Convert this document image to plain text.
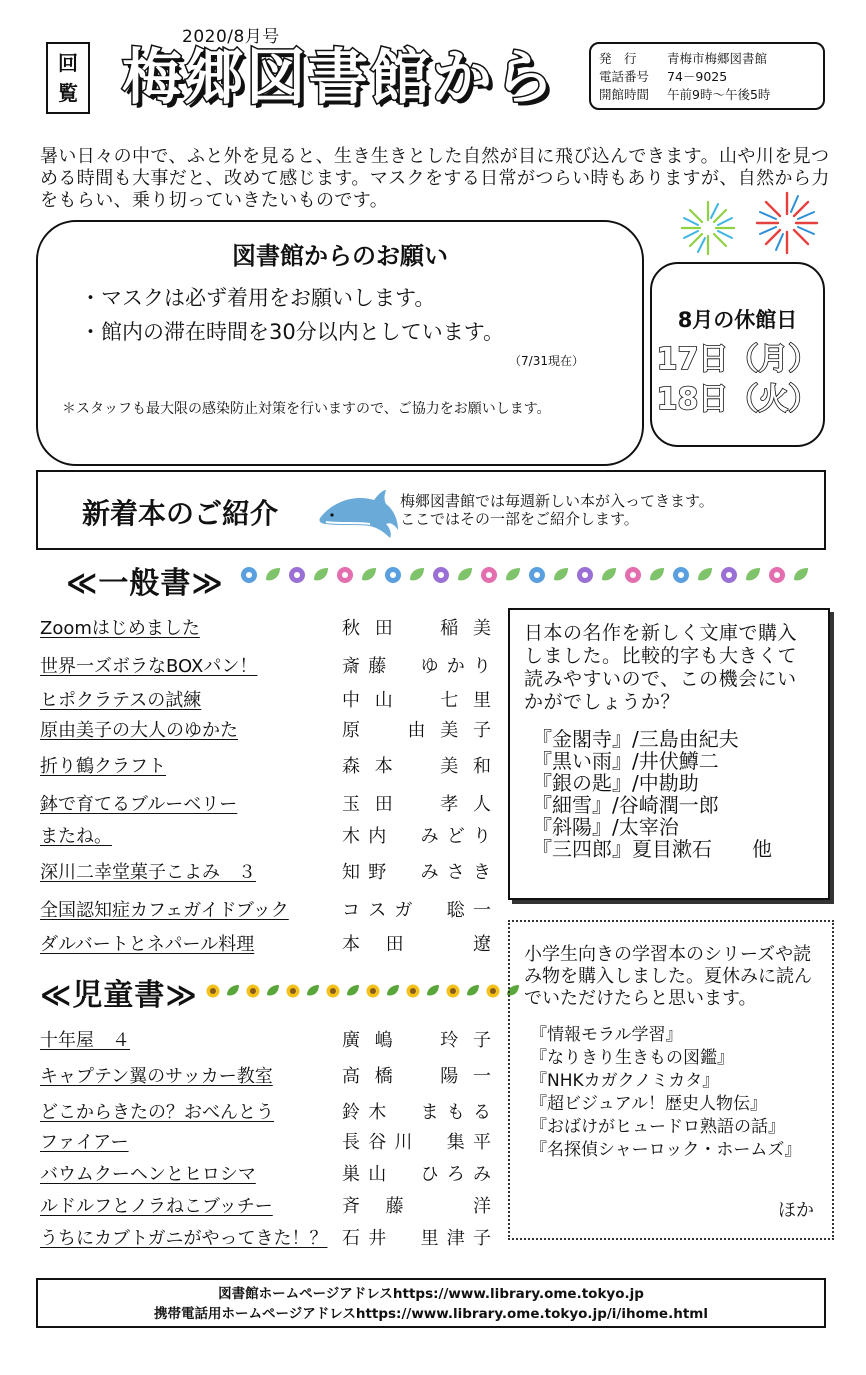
2020/8月号
回
覧 梅郷図書館から	発　行	青梅市梅郷図書館
電話番号	74－9025
開館時間	午前9時～午後5時
暑い日々の中で、ふと外を見ると、生き生きとした自然が目に飛び込んできます。山や川を見つめる時間も大事だと、改めて感じます。マスクをする日常がつらい時もありますが、自然から力をもらい、乗り切っていきたいものです。
図書館からのお願い
・マスクは必ず着用をお願いします。
・館内の滞在時間を30分以内としています。
（7/31現在）
＊スタッフも最大限の感染防止対策を行いますので、ご協力をお願いします。
8月の休館日
17日（月）
18日（火）
新着本のご紹介	梅郷図書館では毎週新しい本が入ってきます。
ここではその一部をご紹介します。
≪一般書≫
Zoomはじめました	秋田　稲美
世界一ズボラなBOXパン！	斎藤　ゆかり
ヒポクラテスの試練	中山　七里
原由美子の大人のゆかた	原　由美子
折り鶴クラフト	森本　美和
鉢で育てるブルーベリー	玉田　孝人
またね。	木内　みどり
深川二幸堂菓子こよみ　３	知野　みさき
全国認知症カフェガイドブック	コスガ　聡一
ダルバートとネパール料理	本田　遼
≪児童書≫
十年屋　４	廣嶋　玲子
キャプテン翼のサッカー教室	高橋　陽一
どこからきたの？おべんとう	鈴木　まもる
ファイアー	長谷川　集平
バウムクーヘンとヒロシマ	巣山　ひろみ
ルドルフとノラねこブッチー	斉藤　洋
うちにカブトガニがやってきた！？ 石井　里津子
日本の名作を新しく文庫で購入しました。比較的字も大きくて読みやすいので、この機会にいかがでしょうか？
『金閣寺』/三島由紀夫
『黒い雨』/井伏鱒二
『銀の匙』/中勘助
『細雪』/谷崎潤一郎
『斜陽』/太宰治
『三四郎』夏目漱石　　他
小学生向きの学習本のシリーズや読み物を購入しました。夏休みに読んでいただけたらと思います。
『情報モラル学習』
『なりきり生きもの図鑑』
『NHKカガクノミカタ』
『超ビジュアル！歴史人物伝』
『おばけがヒュードロ熟語の話』
『名探偵シャーロック・ホームズ』
ほか
図書館ホームページアドレスhttps://www.library.ome.tokyo.jp
携帯電話用ホームページアドレスhttps://www.library.ome.tokyo.jp/i/ihome.html
